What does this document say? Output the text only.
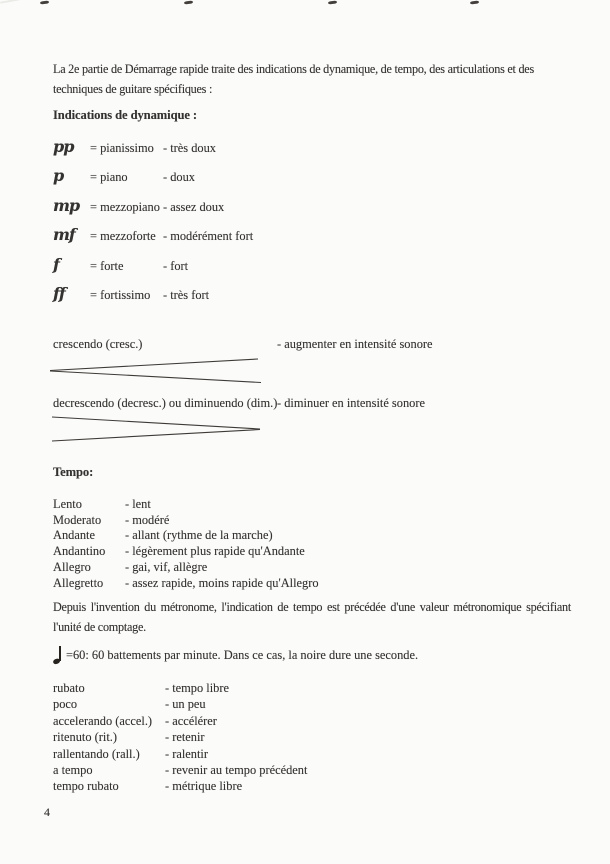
La 2e partie de Démarrage rapide traite des indications de dynamique, de tempo, des articulations et des techniques de guitare spécifiques :

Indications de dynamique :
pp	= pianissimo - très doux
p	= piano	- doux
mp = mezzopiano - assez doux
mf	= mezzoforte - modérément fort
f	= forte	- fort
ff	= fortissimo	- très fort
crescendo (cresc.)	- augmenter en intensité sonore
decrescendo (decresc.) ou diminuendo (dim.) - diminuer en intensité sonore
Tempo:
Lento	- lent
Moderato	- modéré
Andante	- allant (rythme de la marche)
Andantino	- légèrement plus rapide qu'Andante
Allegro	- gai, vif, allègre
Allegretto	- assez rapide, moins rapide qu'Allegro

Depuis l'invention du métronome, l'indication de tempo est précédée d'une valeur métronomique spécifiant l'unité de comptage.

=60: 60 battements par minute. Dans ce cas, la noire dure une seconde.
rubato	- tempo libre
poco	- un peu
accelerando (accel.)	- accélérer
ritenuto (rit.)	- retenir
rallentando (rall.)	- ralentir
a tempo	- revenir au tempo précédent
tempo rubato	- métrique libre
4
